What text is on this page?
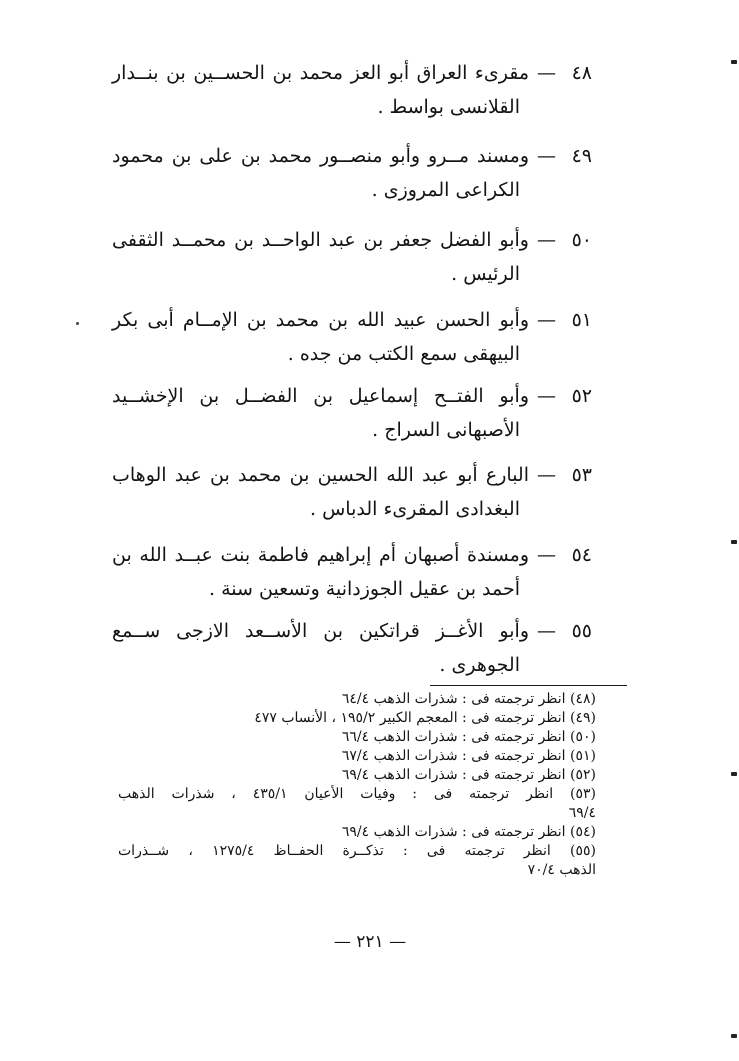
٤٨
—
مقرىء العراق أبو العز محمد بن الحســين بن بنــدار
القلانسى بواسط .
٤٩
—
ومسند مــرو وأبو منصــور محمد بن على بن محمود
الكراعى المروزى .
٥٠
—
وأبو الفضل جعفر بن عبد الواحــد بن محمــد الثقفى
الرئيس .
٥١
—
وأبو الحسن عبيد الله بن محمد بن الإمــام أبى بكر
البيهقى سمع الكتب من جده .
٥٢
—
وأبو الفتــح إسماعيل بن الفضــل بن الإخشــيد
الأصبهانى السراج .
٥٣
—
البارع أبو عبد الله الحسين بن محمد بن عبد الوهاب
البغدادى المقرىء الدباس .
٥٤
—
ومسندة أصبهان أم إبراهيم فاطمة بنت عبــد الله بن
أحمد بن عقيل الجوزدانية وتسعين سنة .
٥٥
—
وأبو الأغــز قراتكين بن الأســعد الازجى ســمع
الجوهرى .
(٤٨) انظر ترجمته فى : شذرات الذهب ٦٤/٤
(٤٩) انظر ترجمته فى : المعجم الكبير ١٩٥/٢ ، الأنساب ٤٧٧
(٥٠) انظر ترجمته فى : شذرات الذهب ٦٦/٤
(٥١) انظر ترجمته فى : شذرات الذهب ٦٧/٤
(٥٢) انظر ترجمته فى : شذرات الذهب ٦٩/٤
(٥٣) انظر ترجمته فى : وفيات الأعيان ٤٣٥/١ ، شذرات الذهب
٦٩/٤
(٥٤) انظر ترجمته فى : شذرات الذهب ٦٩/٤
(٥٥) انظر ترجمته فى : تذكــرة الحفــاظ ١٢٧٥/٤ ، شــذرات
الذهب ٧٠/٤
— ٢٢١ —
